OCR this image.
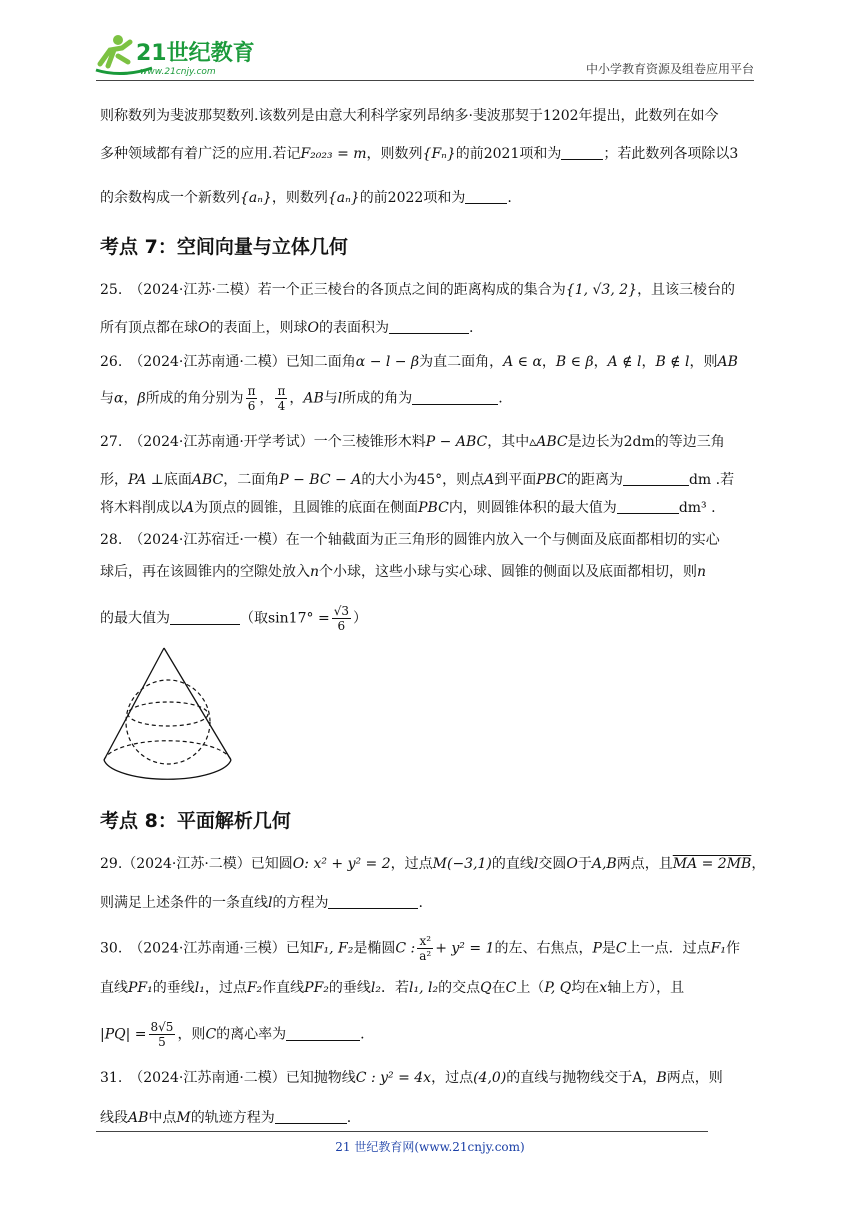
21世纪教育
www.21cnjy.com	中小学教育资源及组卷应用平台
则称数列为斐波那契数列.该数列是由意大利科学家列昂纳多·斐波那契于1202年提出，此数列在如今
多种领域都有着广泛的应用.若记F₂₀₂₃ = m，则数列{Fₙ}的前2021项和为	；若此数列各项除以3
的余数构成一个新数列{aₙ}，则数列{aₙ}的前2022项和为	.
考点 7：空间向量与立体几何
25.　（2024·江苏·二模）若一个正三棱台的各顶点之间的距离构成的集合为{1, √3, 2}，且该三棱台的
所有顶点都在球O的表面上，则球O的表面积为	.
26.　（2024·江苏南通·二模）已知二面角α − l − β为直二面角，A ∈ α，B ∈ β，A ∉ l，B ∉ l，则AB
与α，β所成的角分别为 $\frac{\pi}{6}$ ， $\frac{\pi}{4}$ ，AB与l所成的角为	.
27.　（2024·江苏南通·开学考试）一个三棱锥形木料P − ABC，其中▵ABC是边长为2dm的等边三角
形，PA ⊥底面ABC，二面角P − BC − A的大小为45°，则点A到平面PBC的距离为	dm .若
将木料削成以A为顶点的圆锥，且圆锥的底面在侧面PBC内，则圆锥体积的最大值为	dm³ .
28.　（2024·江苏宿迁·一模）在一个轴截面为正三角形的圆锥内放入一个与侧面及底面都相切的实心
球后，再在该圆锥内的空隙处放入n个小球，这些小球与实心球、圆锥的侧面以及底面都相切，则n
的最大值为	（取$\sin 17^\circ = \frac{√3}{6}$ ）
考点 8：平面解析几何
29.（2024·江苏·二模）已知圆O: x² + y² = 2，过点M(−3,1)的直线l交圆O于A,B两点，且MA = 2MB，
则满足上述条件的一条直线l的方程为	.
30.　（2024·江苏南通·三模）已知F₁, F₂是椭圆C : $\frac{\text{x²}}{\text{a²}} + y^2 = 1$的左、右焦点，P是C上一点．过点F₁作
直线PF₁的垂线l₁，过点F₂作直线PF₂的垂线l₂．若l₁, l₂的交点Q在C上（P, Q均在x轴上方），且
$|PQ| = \frac{8√5}{5}$ ，则C的离心率为	.
31.　（2024·江苏南通·二模）已知抛物线C : y² = 4x，过点(4,0)的直线与抛物线交于A，B两点，则
线段AB中点M的轨迹方程为	.
21 世纪教育网(www.21cnjy.com)
